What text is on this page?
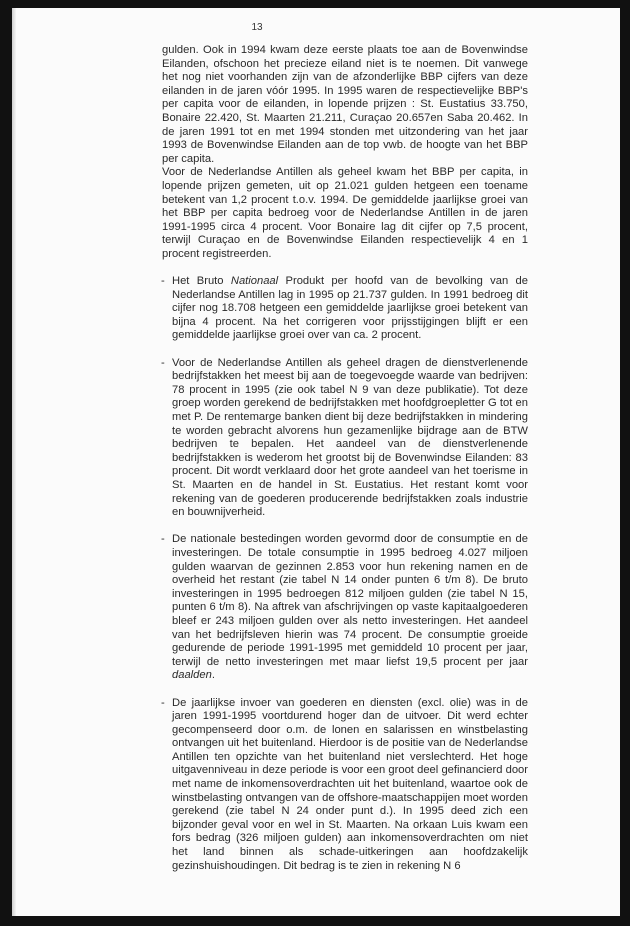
13

gulden. Ook in 1994 kwam deze eerste plaats toe aan de Bovenwindse Eilanden, ofschoon het precieze eiland niet is te noemen. Dit vanwege het nog niet voorhanden zijn van de afzonderlijke BBP cijfers van deze eilanden in de jaren vóór 1995. In 1995 waren de respectievelijke BBP's per capita voor de eilanden, in lopende prijzen : St. Eustatius 33.750, Bonaire 22.420, St. Maarten 21.211, Curaçao 20.657en Saba 20.462. In de jaren 1991 tot en met 1994 stonden met uitzondering van het jaar 1993 de Bovenwindse Eilanden aan de top vwb. de hoogte van het BBP per capita.

Voor de Nederlandse Antillen als geheel kwam het BBP per capita, in lopende prijzen gemeten, uit op 21.021 gulden hetgeen een toename betekent van 1,2 procent t.o.v. 1994. De gemiddelde jaarlijkse groei van het BBP per capita bedroeg voor de Nederlandse Antillen in de jaren 1991-1995 circa 4 procent. Voor Bonaire lag dit cijfer op 7,5 procent, terwijl Curaçao en de Bovenwindse Eilanden respectievelijk 4 en 1 procent registreerden.

- Het Bruto Nationaal Produkt per hoofd van de bevolking van de Nederlandse Antillen lag in 1995 op 21.737 gulden. In 1991 bedroeg dit cijfer nog 18.708 hetgeen een gemiddelde jaarlijkse groei betekent van bijna 4 procent. Na het corrigeren voor prijsstijgingen blijft er een gemiddelde jaarlijkse groei over van ca. 2 procent.

- Voor de Nederlandse Antillen als geheel dragen de dienstverlenende bedrijfstakken het meest bij aan de toegevoegde waarde van bedrijven: 78 procent in 1995 (zie ook tabel N 9 van deze publikatie). Tot deze groep worden gerekend de bedrijfstakken met hoofdgroepletter G tot en met P. De rentemarge banken dient bij deze bedrijfstakken in mindering te worden gebracht alvorens hun gezamenlijke bijdrage aan de BTW bedrijven te bepalen. Het aandeel van de dienstverlenende bedrijfstakken is wederom het grootst bij de Bovenwindse Eilanden: 83 procent. Dit wordt verklaard door het grote aandeel van het toerisme in St. Maarten en de handel in St. Eustatius. Het restant komt voor rekening van de goederen producerende bedrijfstakken zoals industrie en bouwnijverheid.

- De nationale bestedingen worden gevormd door de consumptie en de investeringen. De totale consumptie in 1995 bedroeg 4.027 miljoen gulden waarvan de gezinnen 2.853 voor hun rekening namen en de overheid het restant (zie tabel N 14 onder punten 6 t/m 8). De bruto investeringen in 1995 bedroegen 812 miljoen gulden (zie tabel N 15, punten 6 t/m 8). Na aftrek van afschrijvingen op vaste kapitaalgoederen bleef er 243 miljoen gulden over als netto investeringen. Het aandeel van het bedrijfsleven hierin was 74 procent. De consumptie groeide gedurende de periode 1991-1995 met gemiddeld 10 procent per jaar, terwijl de netto investeringen met maar liefst 19,5 procent per jaar daalden.

- De jaarlijkse invoer van goederen en diensten (excl. olie) was in de jaren 1991-1995 voortdurend hoger dan de uitvoer. Dit werd echter gecompenseerd door o.m. de lonen en salarissen en winstbelasting ontvangen uit het buitenland. Hierdoor is de positie van de Nederlandse Antillen ten opzichte van het buitenland niet verslechterd. Het hoge uitgavenniveau in deze periode is voor een groot deel gefinancierd door met name de inkomensoverdrachten uit het buitenland, waartoe ook de winstbelasting ontvangen van de offshore-maatschappijen moet worden gerekend (zie tabel N 24 onder punt d.). In 1995 deed zich een bijzonder geval voor en wel in St. Maarten. Na orkaan Luis kwam een fors bedrag (326 miljoen gulden) aan inkomensoverdrachten om niet het land binnen als schade-uitkeringen aan hoofdzakelijk gezinshuishoudingen. Dit bedrag is te zien in rekening N 6
